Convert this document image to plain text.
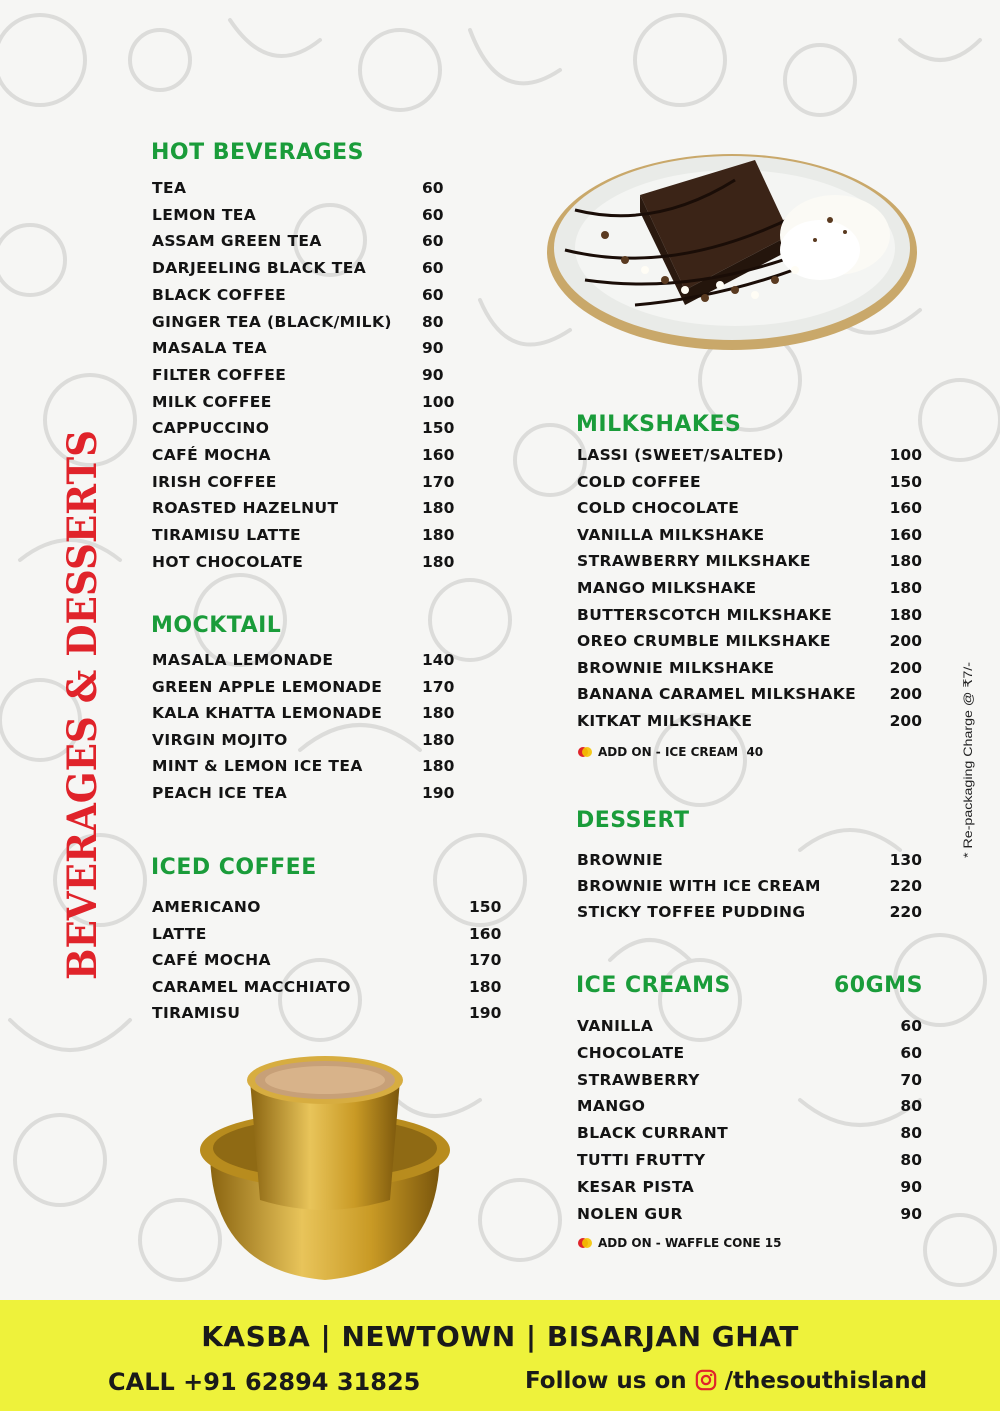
BEVERAGES & DESSERTS	* Re-packaging Charge @ ₹7/-
HOT BEVERAGES
TEA	60
LEMON TEA	60
ASSAM GREEN TEA	60
DARJEELING BLACK TEA	60
BLACK COFFEE	60
GINGER TEA (BLACK/MILK) 80
MASALA TEA	90
FILTER COFFEE	90
MILK COFFEE	100
CAPPUCCINO	150
CAFÉ MOCHA	160
IRISH COFFEE	170
ROASTED HAZELNUT	180
TIRAMISU LATTE	180
HOT CHOCOLATE	180
MOCKTAIL
MASALA LEMONADE	140
GREEN APPLE LEMONADE	170
KALA KHATTA LEMONADE	180
VIRGIN MOJITO	180
MINT & LEMON ICE TEA	180
PEACH ICE TEA	190
ICED COFFEE
AMERICANO	150
LATTE	160
CAFÉ MOCHA	170
CARAMEL MACCHIATO	180
TIRAMISU	190
MILKSHAKES
LASSI (SWEET/SALTED)	100
COLD COFFEE	150
COLD CHOCOLATE	160
VANILLA MILKSHAKE	160
STRAWBERRY MILKSHAKE	180
MANGO MILKSHAKE	180
BUTTERSCOTCH MILKSHAKE	180
OREO CRUMBLE MILKSHAKE	200
BROWNIE MILKSHAKE	200
BANANA CARAMEL MILKSHAKE 200
KITKAT MILKSHAKE	200
ADD ON - ICE CREAM  40
DESSERT
BROWNIE	130
BROWNIE WITH ICE CREAM	220
STICKY TOFFEE PUDDING	220
ICE CREAMS	60GMS
VANILLA	60
CHOCOLATE	60
STRAWBERRY	70
MANGO	80
BLACK CURRANT	80
TUTTI FRUTTY	80
KESAR PISTA	90
NOLEN GUR	90
ADD ON - WAFFLE CONE 15
KASBA | NEWTOWN | BISARJAN GHAT
CALL +91 62894 31825	Follow us on /thesouthisland
